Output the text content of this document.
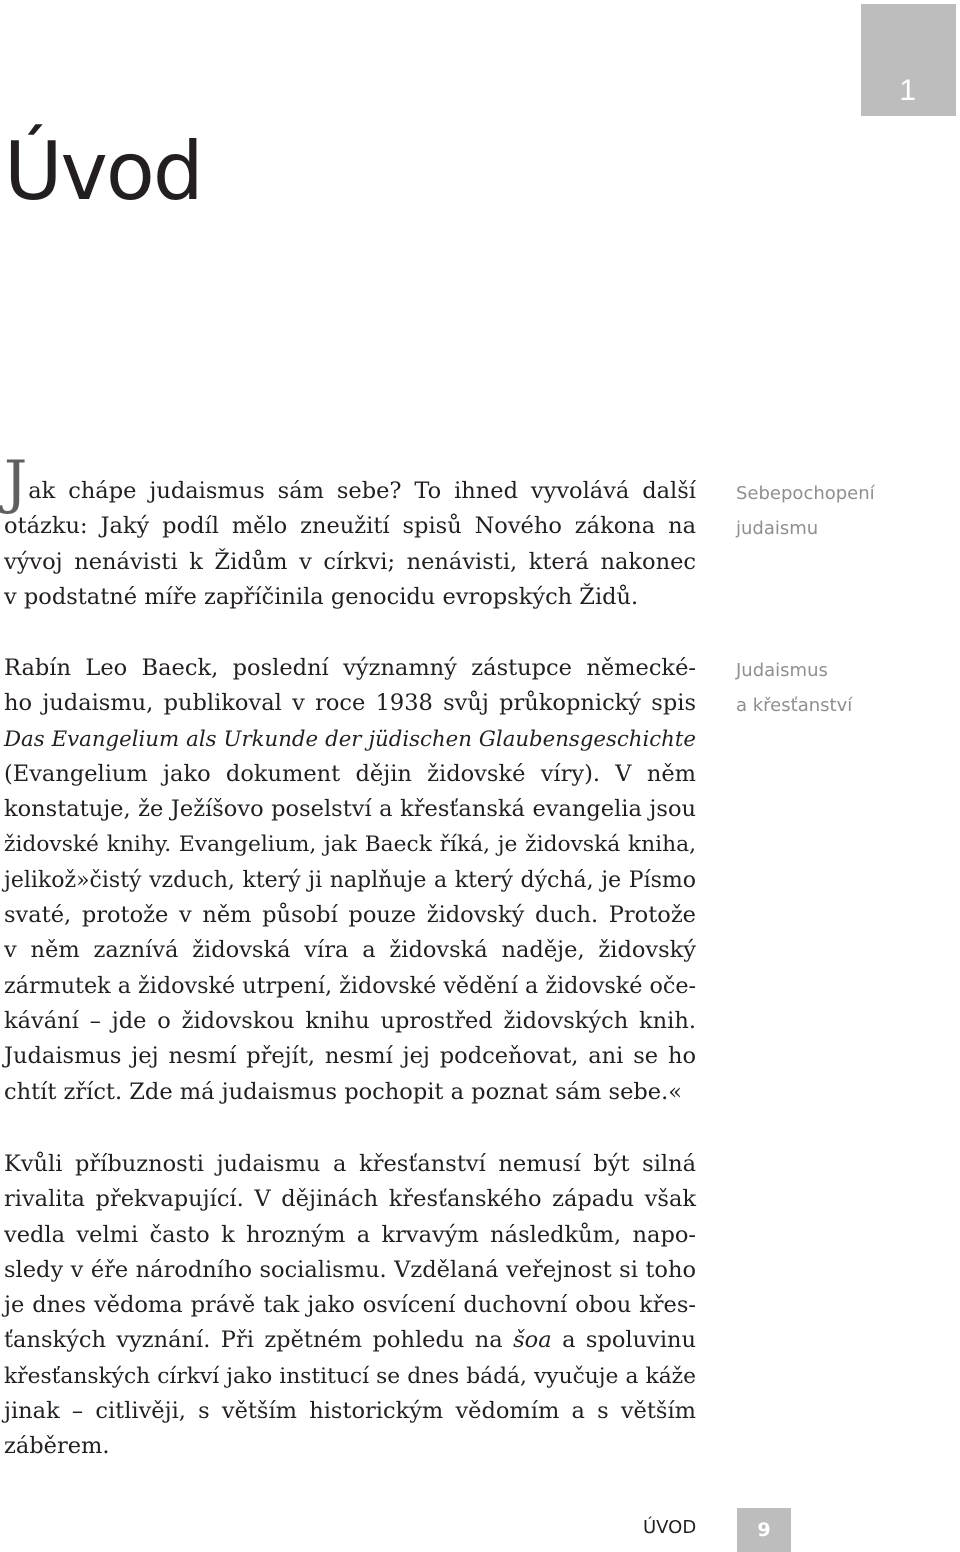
1
Úvod
Jak chápe judaismus sám sebe? To ihned vyvolává další
otázku: Jaký podíl mělo zneužití spisů Nového zákona na
vývoj nenávisti k Židům v církvi; nenávisti, která nakonec
v podstatné míře zapříčinila genocidu evropských Židů.
Rabín Leo Baeck, poslední významný zástupce německé-
ho judaismu, publikoval v roce 1938 svůj průkopnický spis
Das Evangelium als Urkunde der jüdischen Glaubensgeschichte
(Evangelium jako dokument dějin židovské víry). V něm
konstatuje, že Ježíšovo poselství a křesťanská evangelia jsou
židovské knihy. Evangelium, jak Baeck říká, je židovská kniha,
jelikož»čistý vzduch, který ji naplňuje a který dýchá, je Písmo
svaté, protože v něm působí pouze židovský duch. Protože
v něm zaznívá židovská víra a židovská naděje, židovský
zármutek a židovské utrpení, židovské vědění a židovské oče-
kávání – jde o židovskou knihu uprostřed židovských knih.
Judaismus jej nesmí přejít, nesmí jej podceňovat, ani se ho
chtít zříct. Zde má judaismus pochopit a poznat sám sebe.«
Kvůli příbuznosti judaismu a křesťanství nemusí být silná
rivalita překvapující. V dějinách křesťanského západu však
vedla velmi často k hrozným a krvavým následkům, napo-
sledy v éře národního socialismu. Vzdělaná veřejnost si toho
je dnes vědoma právě tak jako osvícení duchovní obou křes-
ťanských vyznání. Při zpětném pohledu na šoa a spoluvinu
křesťanských církví jako institucí se dnes bádá, vyučuje a káže
jinak – citlivěji, s větším historickým vědomím a s větším
záběrem.
Sebepochopení
judaismu
Judaismus
a křesťanství
ÚVOD	9
